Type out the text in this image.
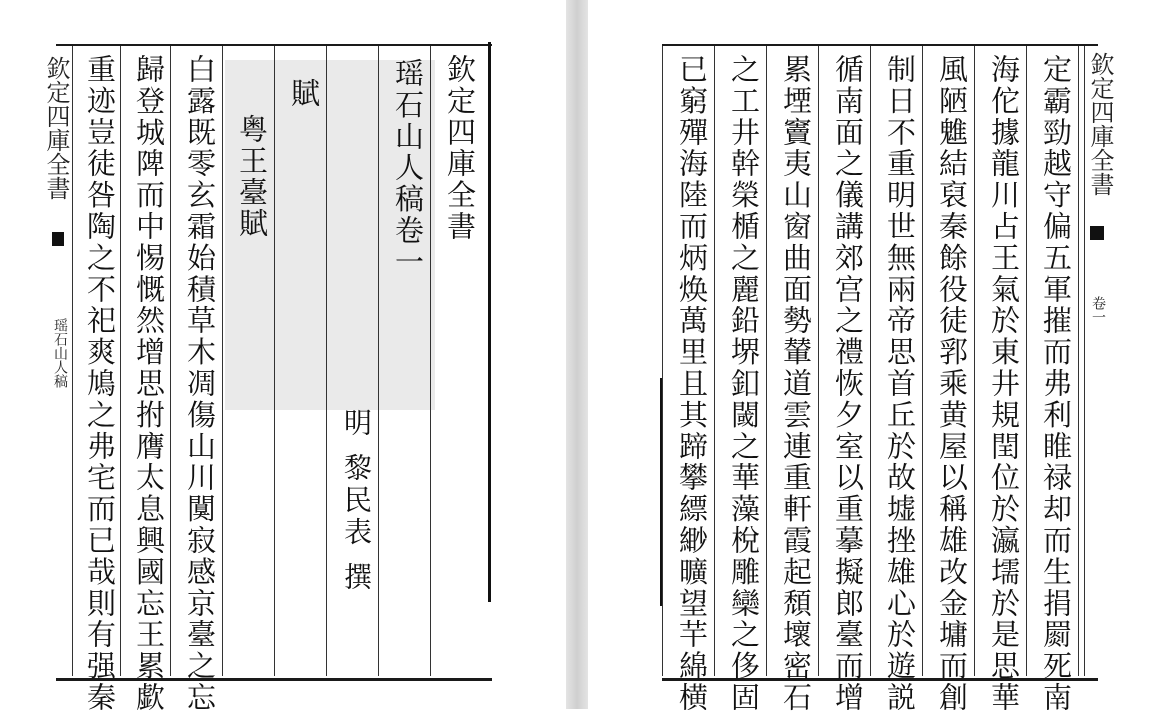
欽定四庫全書
瑶石山人稿
欽定四庫全書
瑶石山人稿卷一
明 黎民表 撰
賦
粤王臺賦
白露既零玄霜始積草木凋傷山川闃寂感京臺之忘
歸登城陴而中惕慨然增思拊膺太息興國忘王累歔
重迹豈徒咎陶之不祀爽鳩之弗宅而已哉則有强秦	定霸勁越守偏五軍摧而弗利睢禄却而生捐罽死南
海佗據龍川占王氣於東井規閏位於瀛壖於是思華
風陋魋結裒秦餘役徒郛乘黄屋以稱雄改金墉而創
制日不重明世無兩帝思首丘於故墟挫雄心於遊説
循南面之儀講郊宫之禮恢夕室以重摹擬郎臺而增
累堙竇夷山窗曲面勢輦道雲連重軒霞起頹壞密石
之工井幹榮楯之麗鉛堺釦閾之華藻梲雕欒之侈固
已窮殫海陸而炳焕萬里且其蹄攀縹緲曠望芉綿横	欽定四庫全書
卷一
